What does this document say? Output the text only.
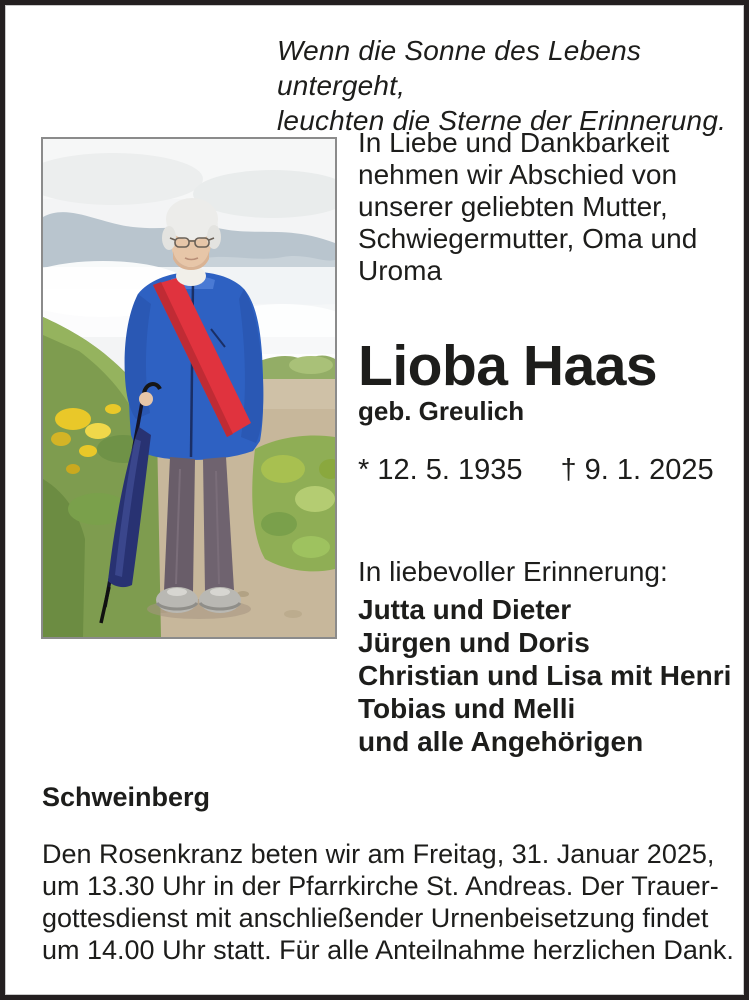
Wenn die Sonne des Lebens untergeht,
leuchten die Sterne der Erinnerung.
In Liebe und Dankbarkeit
nehmen wir Abschied von
unserer geliebten Mutter,
Schwiegermutter, Oma und
Uroma
Lioba Haas
geb. Greulich
* 12. 5. 1935 † 9. 1. 2025
In liebevoller Erinnerung:
Jutta und Dieter
Jürgen und Doris
Christian und Lisa mit Henri
Tobias und Melli
und alle Angehörigen
Schweinberg
Den Rosenkranz beten wir am Freitag, 31. Januar 2025,
um 13.30 Uhr in der Pfarrkirche St. Andreas. Der Trauer-
gottesdienst mit anschließender Urnenbeisetzung findet
um 14.00 Uhr statt. Für alle Anteilnahme herzlichen Dank.
